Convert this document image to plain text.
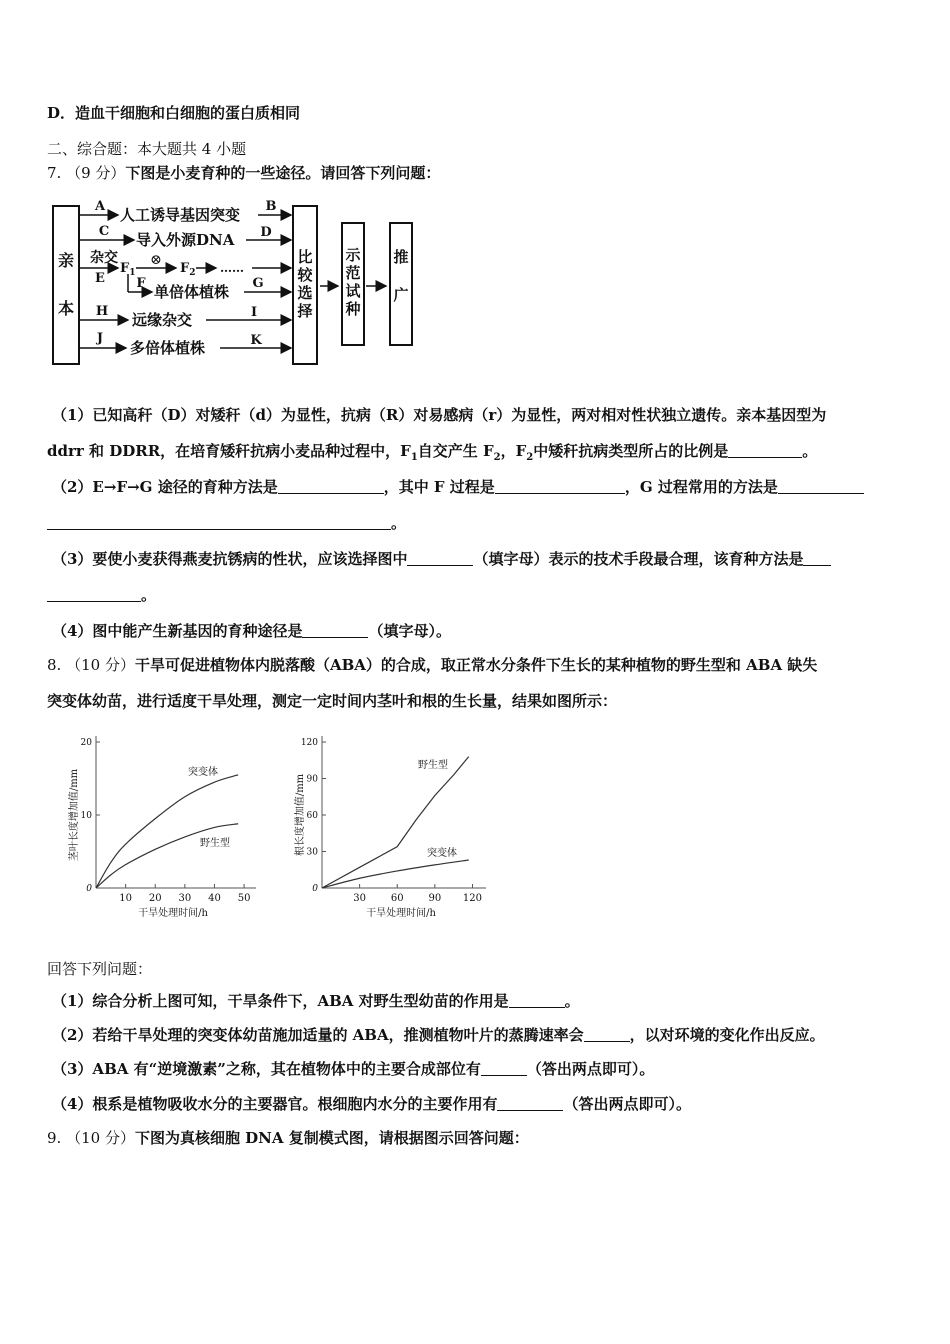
D．造血干细胞和白细胞的蛋白质相同
二、综合题：本大题共 4 小题
7. （9 分）下图是小麦育种的一些途径。请回答下列问题：
亲
本
A 人工诱导基因突变 B
C 导入外源DNA D
杂交
E
$F_1$
⊗
$F_2$ ……
F 单倍体植株 G
H 远缘杂交	I
J
多倍体植株	K
比
较
选
择
示
范
试
种
推
广
（1）已知高秆（D）对矮秆（d）为显性，抗病（R）对易感病（r）为显性，两对相对性状独立遗传。亲本基因型为
ddrr 和 DDRR，在培育矮秆抗病小麦品种过程中，$F_1$自交产生 $F_2$，$F_2$中矮秆抗病类型所占的比例是	。
（2）E→F→G 途径的育种方法是	，其中 F 过程是	，G 过程常用的方法是
。
（3）要使小麦获得燕麦抗锈病的性状，应该选择图中	（填字母）表示的技术手段最合理，该育种方法是
。
（4）图中能产生新基因的育种途径是	（填字母）。
8. （10 分）干旱可促进植物体内脱落酸（ABA）的合成，取正常水分条件下生长的某种植物的野生型和 ABA 缺失
突变体幼苗，进行适度干旱处理，测定一定时间内茎叶和根的生长量，结果如图所示：
0
10
20
10 20 30 40 50
干旱处理时间/h
茎叶长度增加值/mm	突变体
野生型
0
30
60
90
120
30 60 90 120
干旱处理时间/h
根长度增加值/mm
野生型
突变体
回答下列问题：
（1）综合分析上图可知，干旱条件下，ABA 对野生型幼苗的作用是	。
（2）若给干旱处理的突变体幼苗施加适量的 ABA，推测植物叶片的蒸腾速率会	，以对环境的变化作出反应。
（3）ABA 有“逆境激素”之称，其在植物体中的主要合成部位有	（答出两点即可）。
（4）根系是植物吸收水分的主要器官。根细胞内水分的主要作用有	（答出两点即可）。
9. （10 分）下图为真核细胞 DNA 复制模式图，请根据图示回答问题：
